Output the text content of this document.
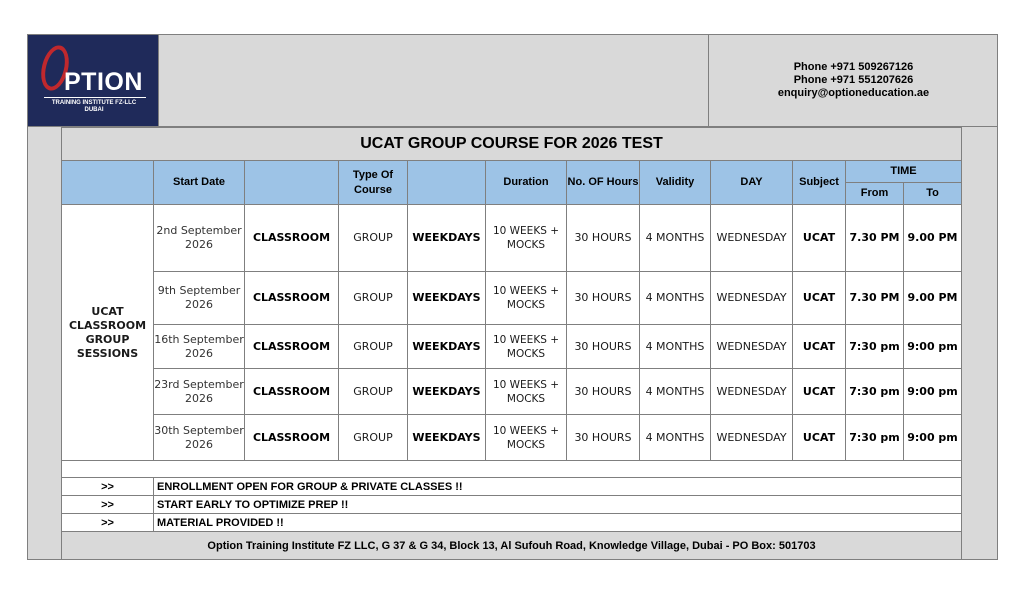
PTION
TRAINING INSTITUTE FZ-LLC
DUBAI
Phone +971 509267126
Phone +971 551207626
enquiry@optioneducation.ae
UCAT GROUP COURSE FOR 2026 TEST											
	Start Date		Type Of Course		Duration	No. OF Hours	Validity	DAY	Subject	TIME	
										From	To
UCAT CLASSROOM GROUP SESSIONS	2nd September 2026	CLASSROOM	GROUP	WEEKDAYS	10 WEEKS + MOCKS	30 HOURS	4 MONTHS	WEDNESDAY	UCAT	7.30 PM	9.00 PM
	9th September 2026	CLASSROOM	GROUP	WEEKDAYS	10 WEEKS + MOCKS	30 HOURS	4 MONTHS	WEDNESDAY	UCAT	7.30 PM	9.00 PM
	16th September 2026	CLASSROOM	GROUP	WEEKDAYS	10 WEEKS + MOCKS	30 HOURS	4 MONTHS	WEDNESDAY	UCAT	7:30 pm	9:00 pm
	23rd September 2026	CLASSROOM	GROUP	WEEKDAYS	10 WEEKS + MOCKS	30 HOURS	4 MONTHS	WEDNESDAY	UCAT	7:30 pm	9:00 pm
	30th September 2026	CLASSROOM	GROUP	WEEKDAYS	10 WEEKS + MOCKS	30 HOURS	4 MONTHS	WEDNESDAY	UCAT	7:30 pm	9:00 pm

>>	ENROLLMENT OPEN FOR GROUP & PRIVATE CLASSES !!										
>>	START EARLY TO OPTIMIZE PREP !!										
>>	MATERIAL PROVIDED !!										
Option Training Institute FZ LLC, G 37 & G 34, Block 13, Al Sufouh Road, Knowledge Village, Dubai - PO Box: 501703											
